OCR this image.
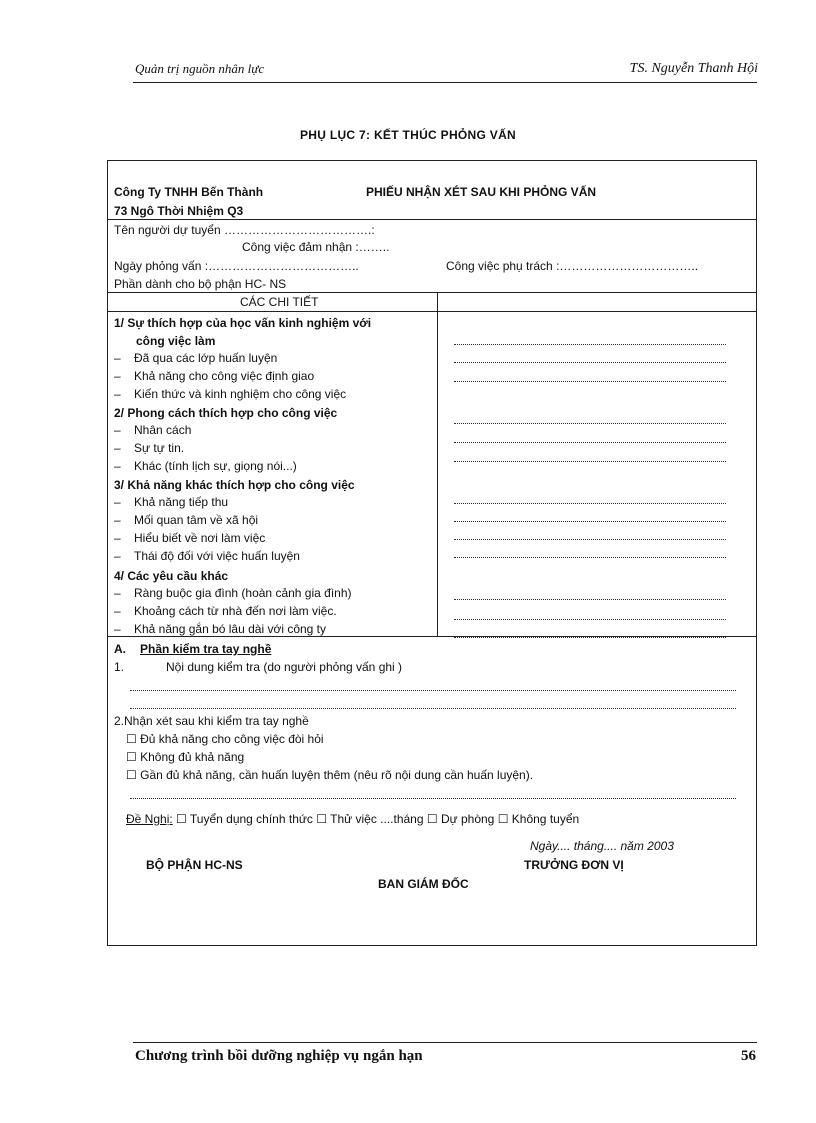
Quản trị nguồn nhân lực	TS. Nguyễn Thanh Hội
PHỤ LỤC 7: KẾT THÚC PHỎNG VẤN
Công Ty TNHH Bến Thành
73 Ngô Thời Nhiệm Q3
PHIẾU NHẬN XÉT SAU KHI PHỎNG VẤN
Tên người dự tuyển ……………………………….:
Công việc đảm nhận :……..
Ngày phỏng vấn :………………………………..	Công việc phụ trách :……………………………..
Phần dành cho bộ phận HC- NS
CÁC CHI TIẾT
1/ Sự thích hợp của học vấn kinh nghiệm với
công việc làm
– Đã qua các lớp huấn luyện
– Khả năng cho công việc định giao
– Kiến thức và kinh nghiệm cho công việc
2/ Phong cách thích hợp cho công việc
– Nhân cách
– Sự tự tin.
– Khác (tính lịch sự, giọng nói...)
3/ Khả năng khác thích hợp cho công việc
– Khả năng tiếp thu
– Mối quan tâm về xã hội
– Hiểu biết về nơi làm việc
– Thái độ đối với việc huấn luyện
4/ Các yêu cầu khác
– Ràng buộc gia đình (hoàn cảnh gia đình)
– Khoảng cách từ nhà đến nơi làm việc.
– Khả năng gắn bó lâu dài với công ty
A. Phần kiểm tra tay nghề
1.	Nội dung kiểm tra (do người phỏng vấn ghi )
2.Nhận xét sau khi kiểm tra tay nghề
☐ Đủ khả năng cho công việc đòi hỏi
☐ Không đủ khả năng
☐ Gần đủ khả năng, cần huấn luyện thêm (nêu rõ nội dung cần huấn luyện).
Đề Nghị: ☐ Tuyển dụng chính thức ☐ Thử việc ....tháng ☐ Dự phòng ☐ Không tuyển
Ngày.... tháng.... năm 2003
BỘ PHẬN HC-NS	TRƯỞNG ĐƠN VỊ
BAN GIÁM ĐỐC
Chương trình bồi dưỡng nghiệp vụ ngắn hạn	56
